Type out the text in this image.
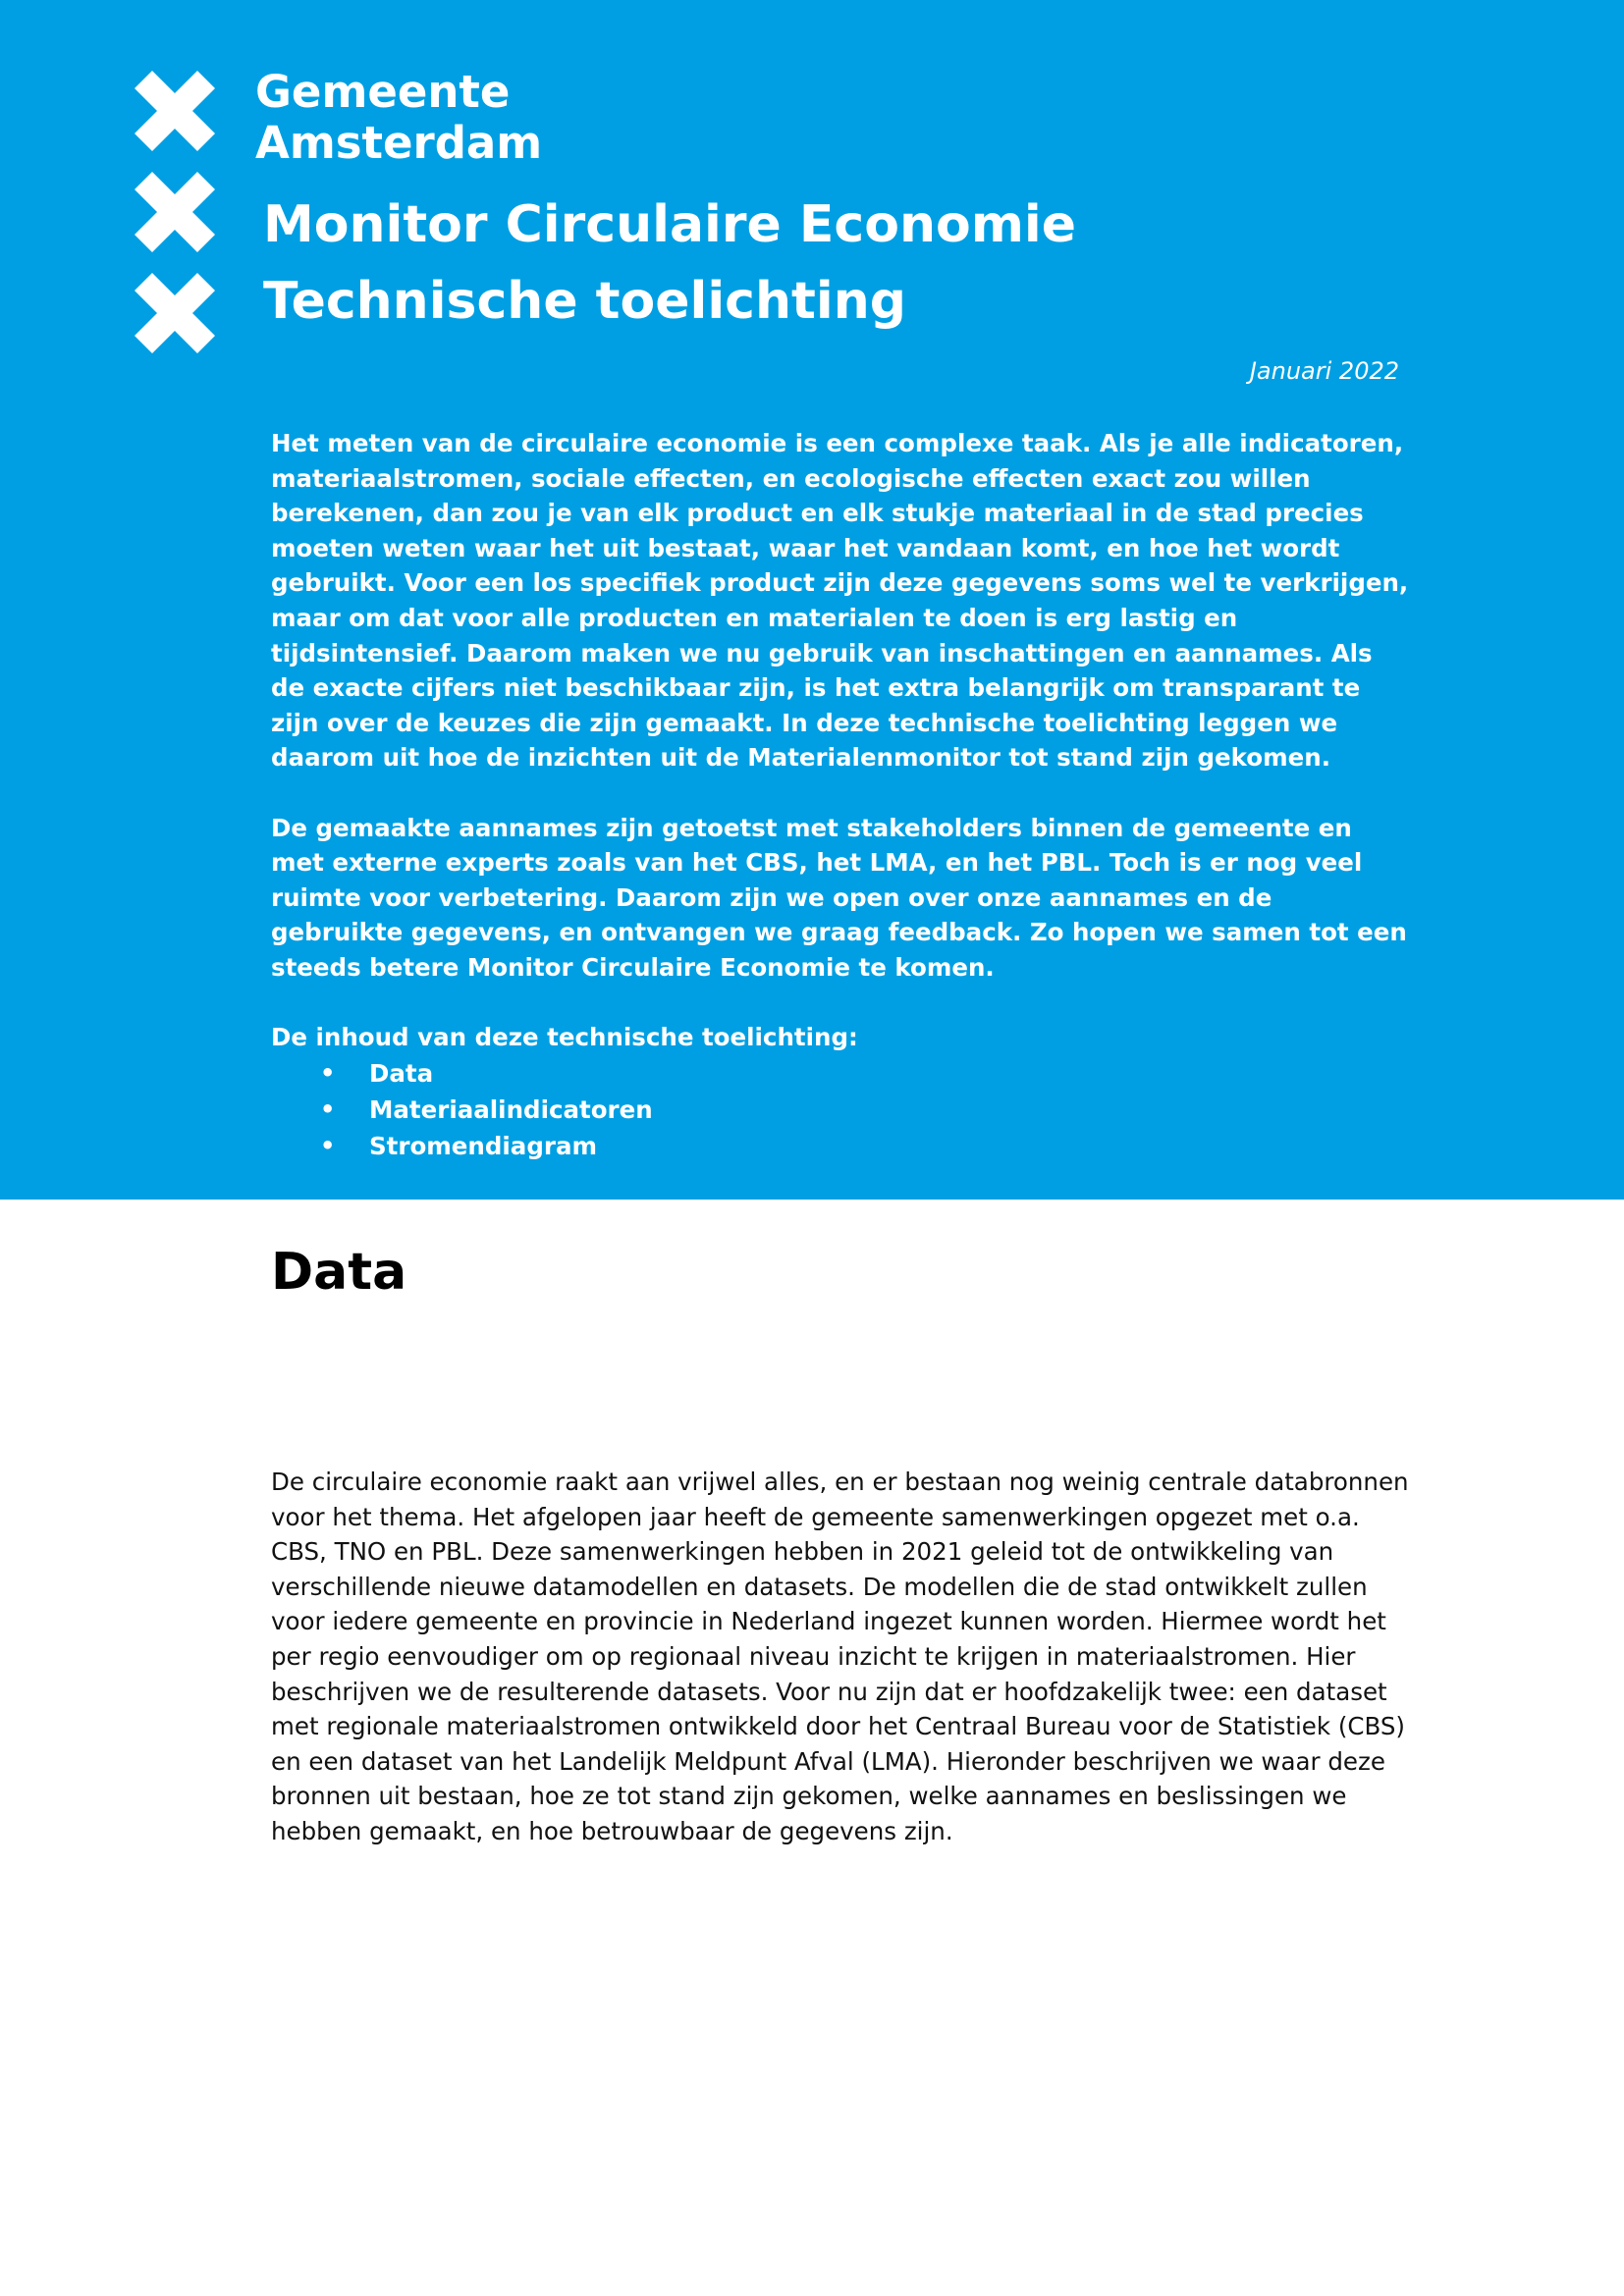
Gemeente
Amsterdam
Monitor Circulaire Economie
Technische toelichting
Januari 2022

Het meten van de circulaire economie is een complexe taak. Als je alle indicatoren, materiaalstromen, sociale effecten, en ecologische effecten exact zou willen berekenen, dan zou je van elk product en elk stukje materiaal in de stad precies moeten weten waar het uit bestaat, waar het vandaan komt, en hoe het wordt gebruikt. Voor een los specifiek product zijn deze gegevens soms wel te verkrijgen, maar om dat voor alle producten en materialen te doen is erg lastig en tijdsintensief. Daarom maken we nu gebruik van inschattingen en aannames. Als de exacte cijfers niet beschikbaar zijn, is het extra belangrijk om transparant te zijn over de keuzes die zijn gemaakt. In deze technische toelichting leggen we daarom uit hoe de inzichten uit de Materialenmonitor tot stand zijn gekomen.

De gemaakte aannames zijn getoetst met stakeholders binnen de gemeente en met externe experts zoals van het CBS, het LMA, en het PBL. Toch is er nog veel ruimte voor verbetering. Daarom zijn we open over onze aannames en de gebruikte gegevens, en ontvangen we graag feedback. Zo hopen we samen tot een steeds betere Monitor Circulaire Economie te komen.

De inhoud van deze technische toelichting:
• Data
• Materiaalindicatoren
• Stromendiagram
Data

De circulaire economie raakt aan vrijwel alles, en er bestaan nog weinig centrale databronnen voor het thema. Het afgelopen jaar heeft de gemeente samenwerkingen opgezet met o.a. CBS, TNO en PBL. Deze samenwerkingen hebben in 2021 geleid tot de ontwikkeling van verschillende nieuwe datamodellen en datasets. De modellen die de stad ontwikkelt zullen voor iedere gemeente en provincie in Nederland ingezet kunnen worden. Hiermee wordt het per regio eenvoudiger om op regionaal niveau inzicht te krijgen in materiaalstromen. Hier beschrijven we de resulterende datasets. Voor nu zijn dat er hoofdzakelijk twee: een dataset met regionale materiaalstromen ontwikkeld door het Centraal Bureau voor de Statistiek (CBS) en een dataset van het Landelijk Meldpunt Afval (LMA). Hieronder beschrijven we waar deze bronnen uit bestaan, hoe ze tot stand zijn gekomen, welke aannames en beslissingen we hebben gemaakt, en hoe betrouwbaar de gegevens zijn.
